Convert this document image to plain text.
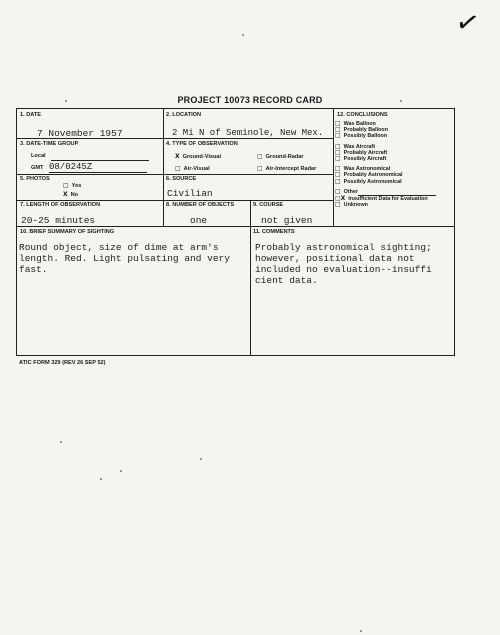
✓
PROJECT 10073 RECORD CARD
1. DATE
7 November 1957
2. LOCATION
2 Mi N of Seminole, New Mex.
3. DATE-TIME GROUP
Local
GMT 08/0245Z
4. TYPE OF OBSERVATION
X Ground-Visual	□ Ground-Radar
□ Air-Visual	□ Air-Intercept Radar
5. PHOTOS
□ Yes
X No
6. SOURCE
Civilian
7. LENGTH OF OBSERVATION
20-25 minutes
8. NUMBER OF OBJECTS
one
9. COURSE
not given
12. CONCLUSIONS
□ Was Balloon
□ Probably Balloon
□ Possibly Balloon
□ Was Aircraft
□ Probably Aircraft
□ Possibly Aircraft
□ Was Astronomical
□ Probably Astronomical
□ Possibly Astronomical
□ Other
□X Insufficient Data for Evaluation
□ Unknown
10. BRIEF SUMMARY OF SIGHTING
Round object, size of dime at arm's
length. Red. Light pulsating and very
fast.
11. COMMENTS
Probably astronomical sighting;
however, positional data not
included no evaluation--insuffi
cient data.
ATIC FORM 329 (REV 26 SEP 52)
